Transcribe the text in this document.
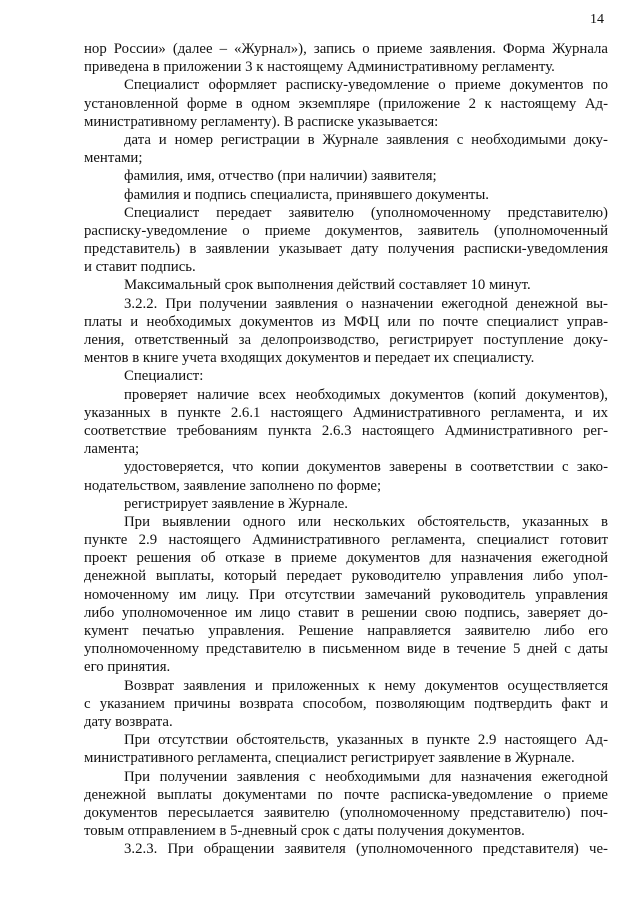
14
нор России» (далее – «Журнал»), запись о приеме заявления. Форма Журнала
приведена в приложении 3 к настоящему Административному регламенту.
Специалист оформляет расписку-уведомление о приеме документов по
установленной форме в одном экземпляре (приложение 2 к настоящему Ад-
министративному регламенту). В расписке указывается:
дата и номер регистрации в Журнале заявления с необходимыми доку-
ментами;
фамилия, имя, отчество (при наличии) заявителя;
фамилия и подпись специалиста, принявшего документы.
Специалист передает заявителю (уполномоченному представителю)
расписку-уведомление о приеме документов, заявитель (уполномоченный
представитель) в заявлении указывает дату получения расписки-уведомления
и ставит подпись.
Максимальный срок выполнения действий составляет 10 минут.
3.2.2. При получении заявления о назначении ежегодной денежной вы-
платы и необходимых документов из МФЦ или по почте специалист управ-
ления, ответственный за делопроизводство, регистрирует поступление доку-
ментов в книге учета входящих документов и передает их специалисту.
Специалист:
проверяет наличие всех необходимых документов (копий документов),
указанных в пункте 2.6.1 настоящего Административного регламента, и их
соответствие требованиям пункта 2.6.3 настоящего Административного рег-
ламента;
удостоверяется, что копии документов заверены в соответствии с зако-
нодательством, заявление заполнено по форме;
регистрирует заявление в Журнале.
При выявлении одного или нескольких обстоятельств, указанных в
пункте 2.9 настоящего Административного регламента, специалист готовит
проект решения об отказе в приеме документов для назначения ежегодной
денежной выплаты, который передает руководителю управления либо упол-
номоченному им лицу. При отсутствии замечаний руководитель управления
либо уполномоченное им лицо ставит в решении свою подпись, заверяет до-
кумент печатью управления. Решение направляется заявителю либо его
уполномоченному представителю в письменном виде в течение 5 дней с даты
его принятия.
Возврат заявления и приложенных к нему документов осуществляется
с указанием причины возврата способом, позволяющим подтвердить факт и
дату возврата.
При отсутствии обстоятельств, указанных в пункте 2.9 настоящего Ад-
министративного регламента, специалист регистрирует заявление в Журнале.
При получении заявления с необходимыми для назначения ежегодной
денежной выплаты документами по почте расписка-уведомление о приеме
документов пересылается заявителю (уполномоченному представителю) поч-
товым отправлением в 5-дневный срок с даты получения документов.
3.2.3. При обращении заявителя (уполномоченного представителя) че-
